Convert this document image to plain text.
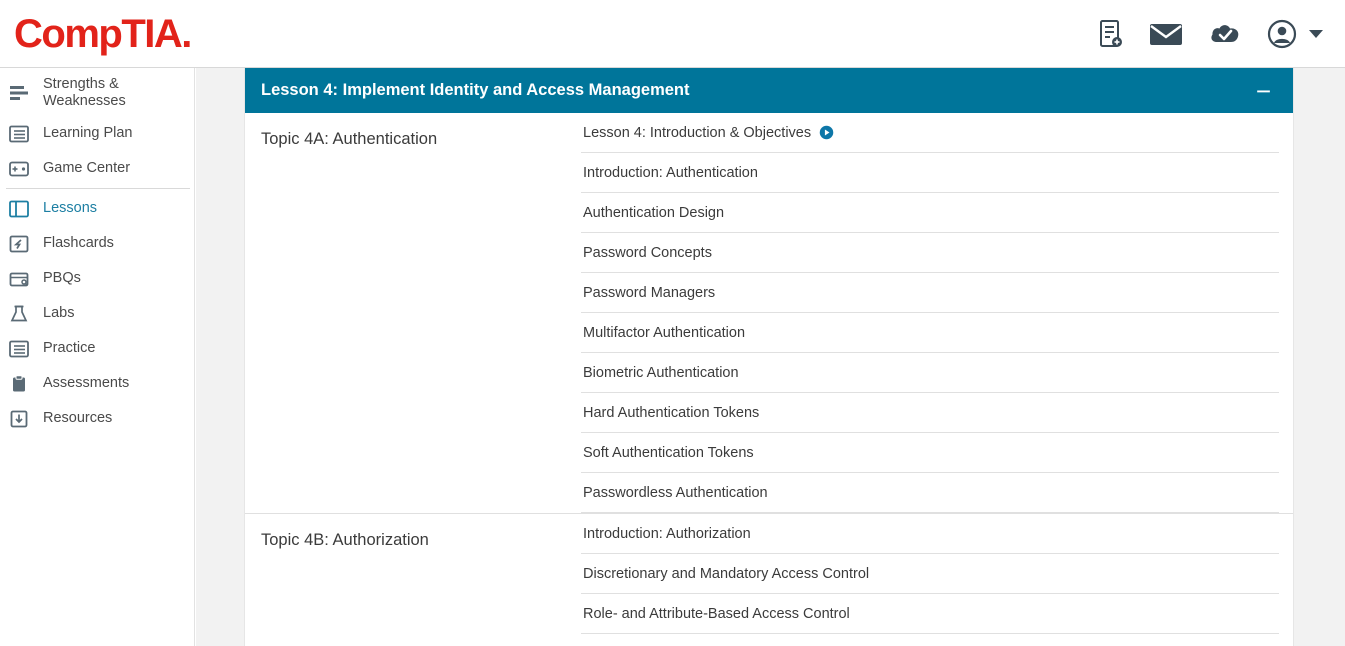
CompTIA .
Strengths & Weaknesses
Learning Plan
Game Center
Lessons
Flashcards
PBQs
Labs
Practice
Assessments
Resources
Lesson 4: Implement Identity and Access Management	−
Topic 4A: Authentication	Lesson 4: Introduction & Objectives
Introduction: Authentication
Authentication Design
Password Concepts
Password Managers
Multifactor Authentication
Biometric Authentication
Hard Authentication Tokens
Soft Authentication Tokens
Passwordless Authentication
Topic 4B: Authorization	Introduction: Authorization
Discretionary and Mandatory Access Control
Role- and Attribute-Based Access Control
